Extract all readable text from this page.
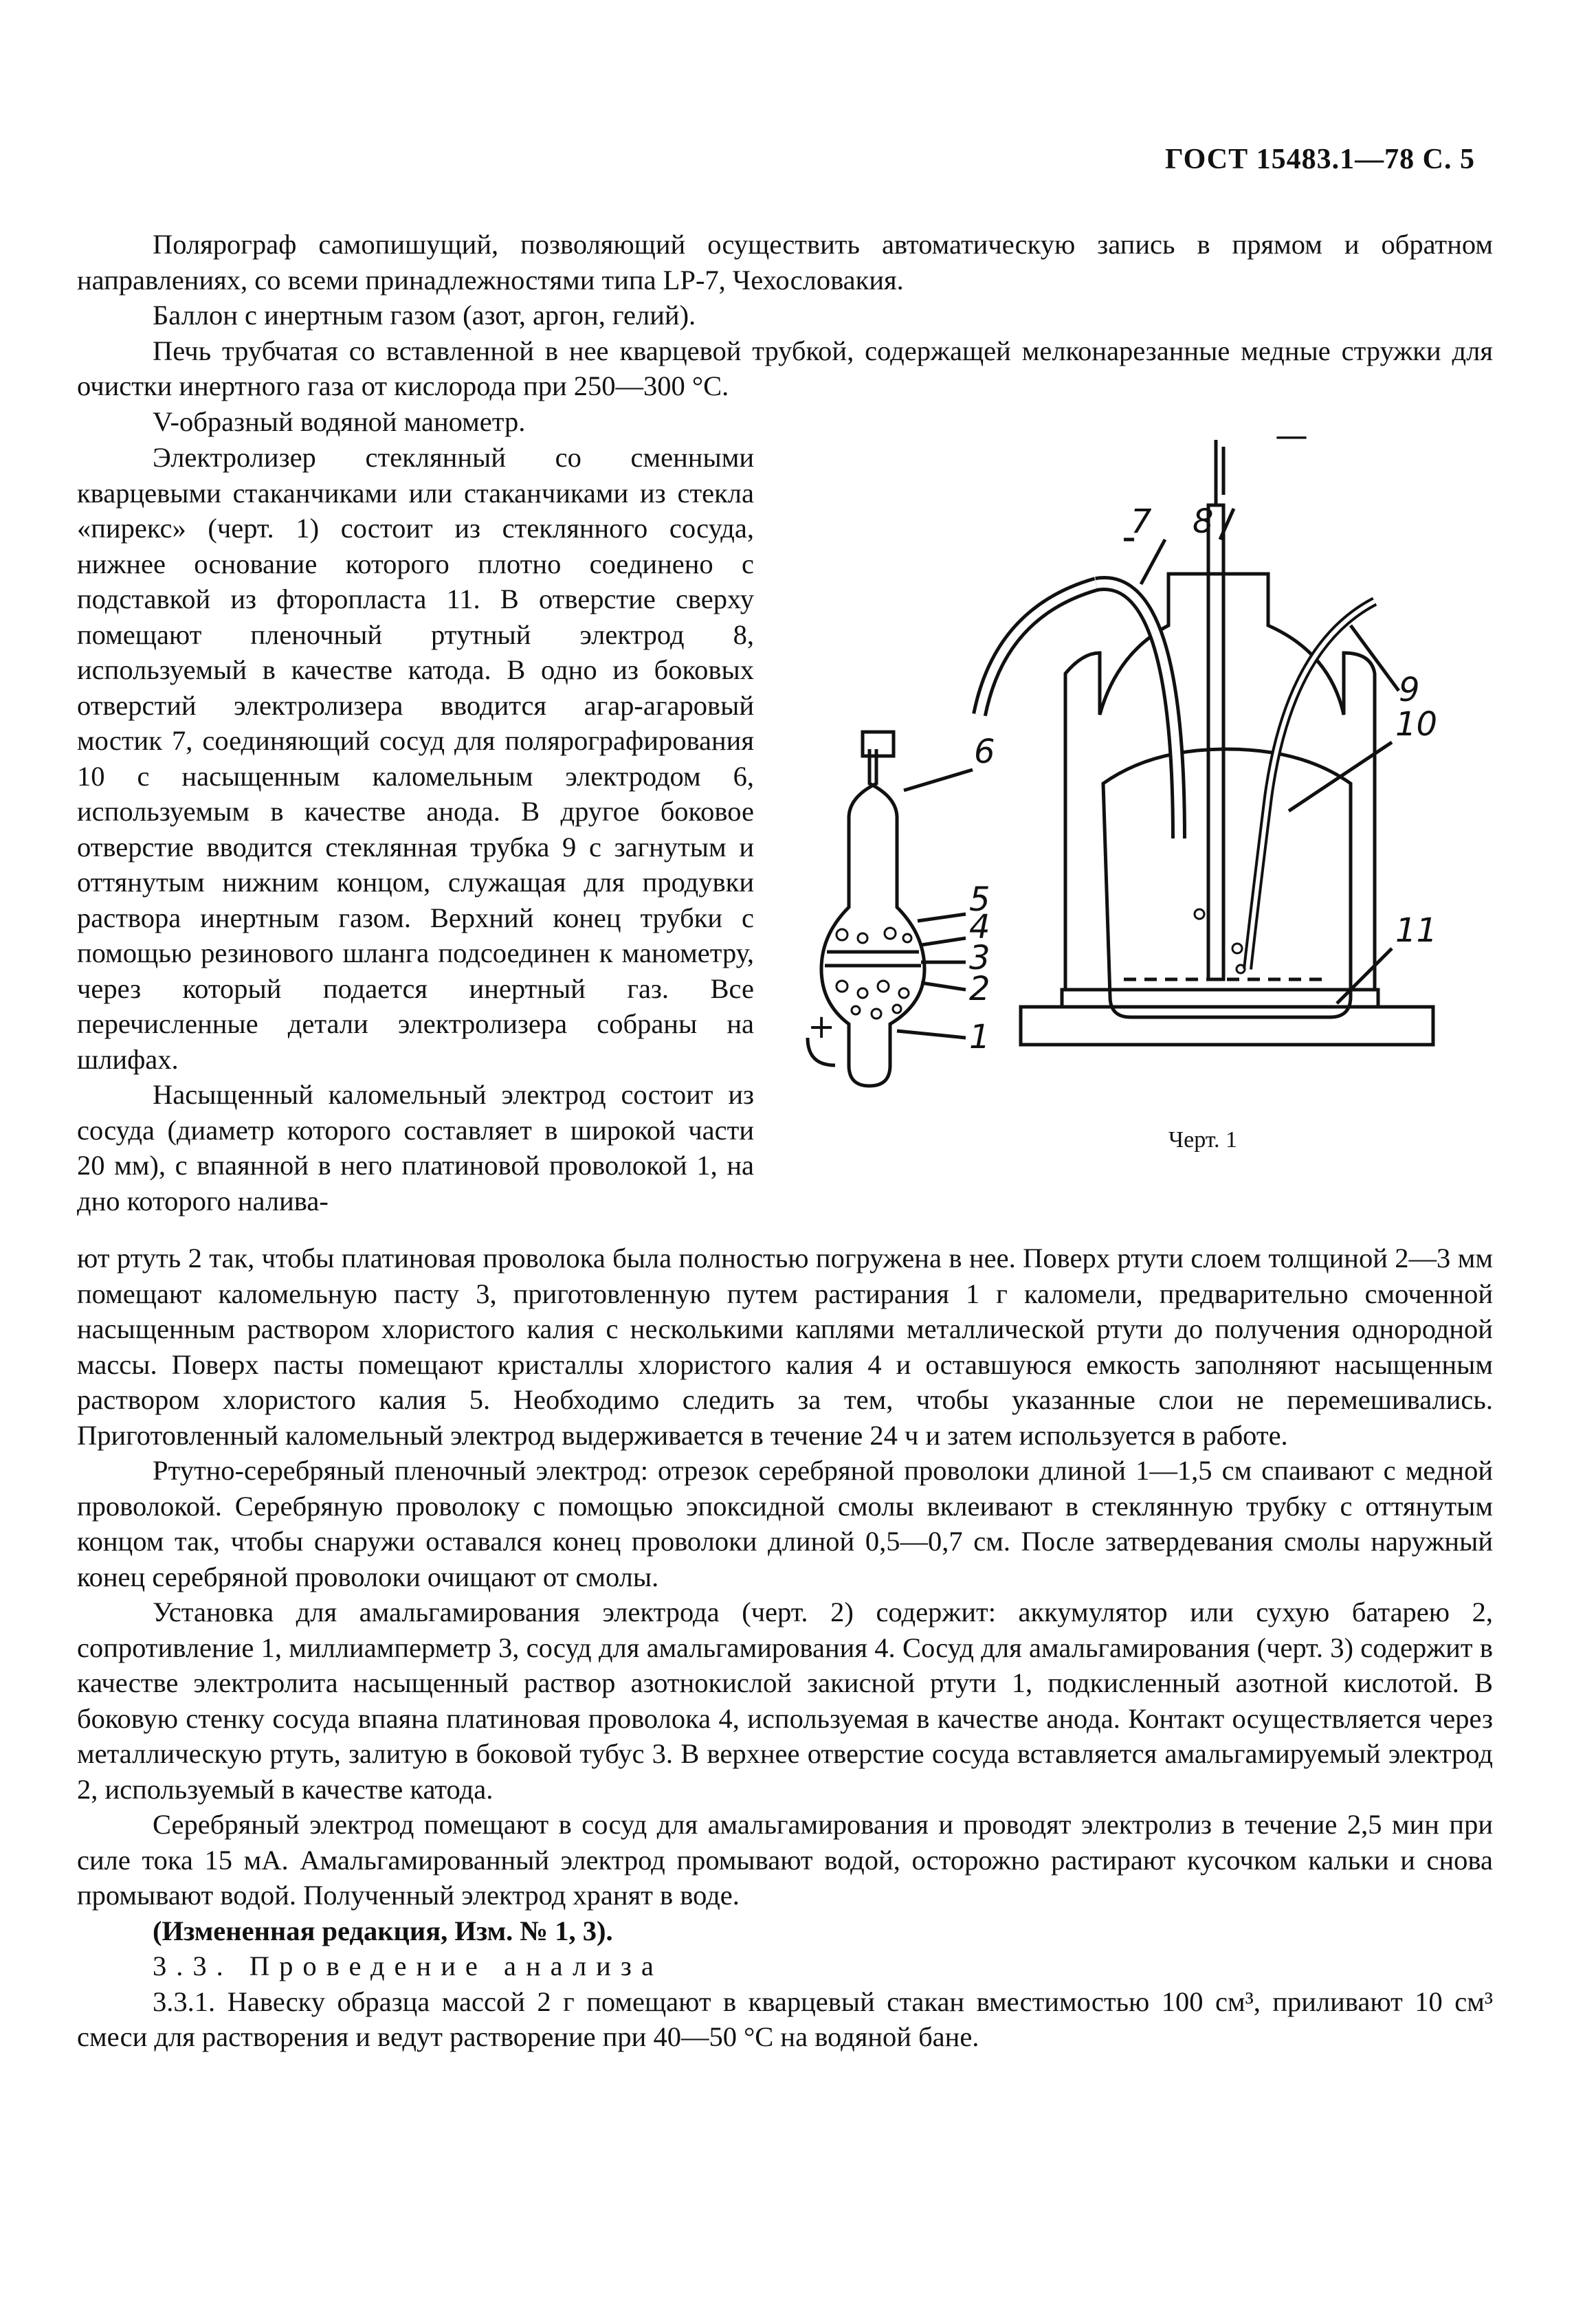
ГОСТ 15483.1—78 С. 5

Полярограф самопишущий, позволяющий осуществить автоматическую запись в прямом и обратном направлениях, со всеми принадлежностями типа LP-7, Чехословакия.

Баллон с инертным газом (азот, аргон, гелий).

Печь трубчатая со вставленной в нее кварцевой трубкой, содержащей мелконарезанные медные стружки для очистки инертного газа от кислорода при 250—300 °С.

V-образный водяной манометр.

Электролизер стеклянный со сменными кварцевыми стаканчиками или стаканчиками из стекла «пирекс» (черт. 1) состоит из стеклянного сосуда, нижнее основание которого плотно соединено с подставкой из фторопласта 11. В отверстие сверху помещают пленочный ртутный электрод 8, используемый в качестве катода. В одно из боковых отверстий электролизера вводится агар-агаровый мостик 7, соединяющий сосуд для полярографирования 10 с насыщенным каломельным электродом 6, используемым в качестве анода. В другое боковое отверстие вводится стеклянная трубка 9 с загнутым и оттянутым нижним концом, служащая для продувки раствора инертным газом. Верхний конец трубки с помощью резинового шланга подсоединен к манометру, через который подается инертный газ. Все перечисленные детали электролизера собраны на шлифах.

Насыщенный каломельный электрод состоит из сосуда (диаметр которого составляет в широкой части 20 мм), с впаянной в него платиновой проволокой 1, на дно которого налива-

7 8
9
10
11
6
5
4
3
2
1
+
—
Черт. 1

ют ртуть 2 так, чтобы платиновая проволока была полностью погружена в нее. Поверх ртути слоем толщиной 2—3 мм помещают каломельную пасту 3, приготовленную путем растирания 1 г каломели, предварительно смоченной насыщенным раствором хлористого калия с несколькими каплями металлической ртути до получения однородной массы. Поверх пасты помещают кристаллы хлористого калия 4 и оставшуюся емкость заполняют насыщенным раствором хлористого калия 5. Необходимо следить за тем, чтобы указанные слои не перемешивались. Приготовленный каломельный электрод выдерживается в течение 24 ч и затем используется в работе.

Ртутно-серебряный пленочный электрод: отрезок серебряной проволоки длиной 1—1,5 см спаивают с медной проволокой. Серебряную проволоку с помощью эпоксидной смолы вклеивают в стеклянную трубку с оттянутым концом так, чтобы снаружи оставался конец проволоки длиной 0,5—0,7 см. После затвердевания смолы наружный конец серебряной проволоки очищают от смолы.

Установка для амальгамирования электрода (черт. 2) содержит: аккумулятор или сухую батарею 2, сопротивление 1, миллиамперметр 3, сосуд для амальгамирования 4. Сосуд для амальгамирования (черт. 3) содержит в качестве электролита насыщенный раствор азотнокислой закисной ртути 1, подкисленный азотной кислотой. В боковую стенку сосуда впаяна платиновая проволока 4, используемая в качестве анода. Контакт осуществляется через металлическую ртуть, залитую в боковой тубус 3. В верхнее отверстие сосуда вставляется амальгамируемый электрод 2, используемый в качестве катода.

Серебряный электрод помещают в сосуд для амальгамирования и проводят электролиз в течение 2,5 мин при силе тока 15 мА. Амальгамированный электрод промывают водой, осторожно растирают кусочком кальки и снова промывают водой. Полученный электрод хранят в воде.

(Измененная редакция, Изм. № 1, 3).

3.3. Проведение анализа

3.3.1. Навеску образца массой 2 г помещают в кварцевый стакан вместимостью 100 см³, приливают 10 см³ смеси для растворения и ведут растворение при 40—50 °С на водяной бане.
